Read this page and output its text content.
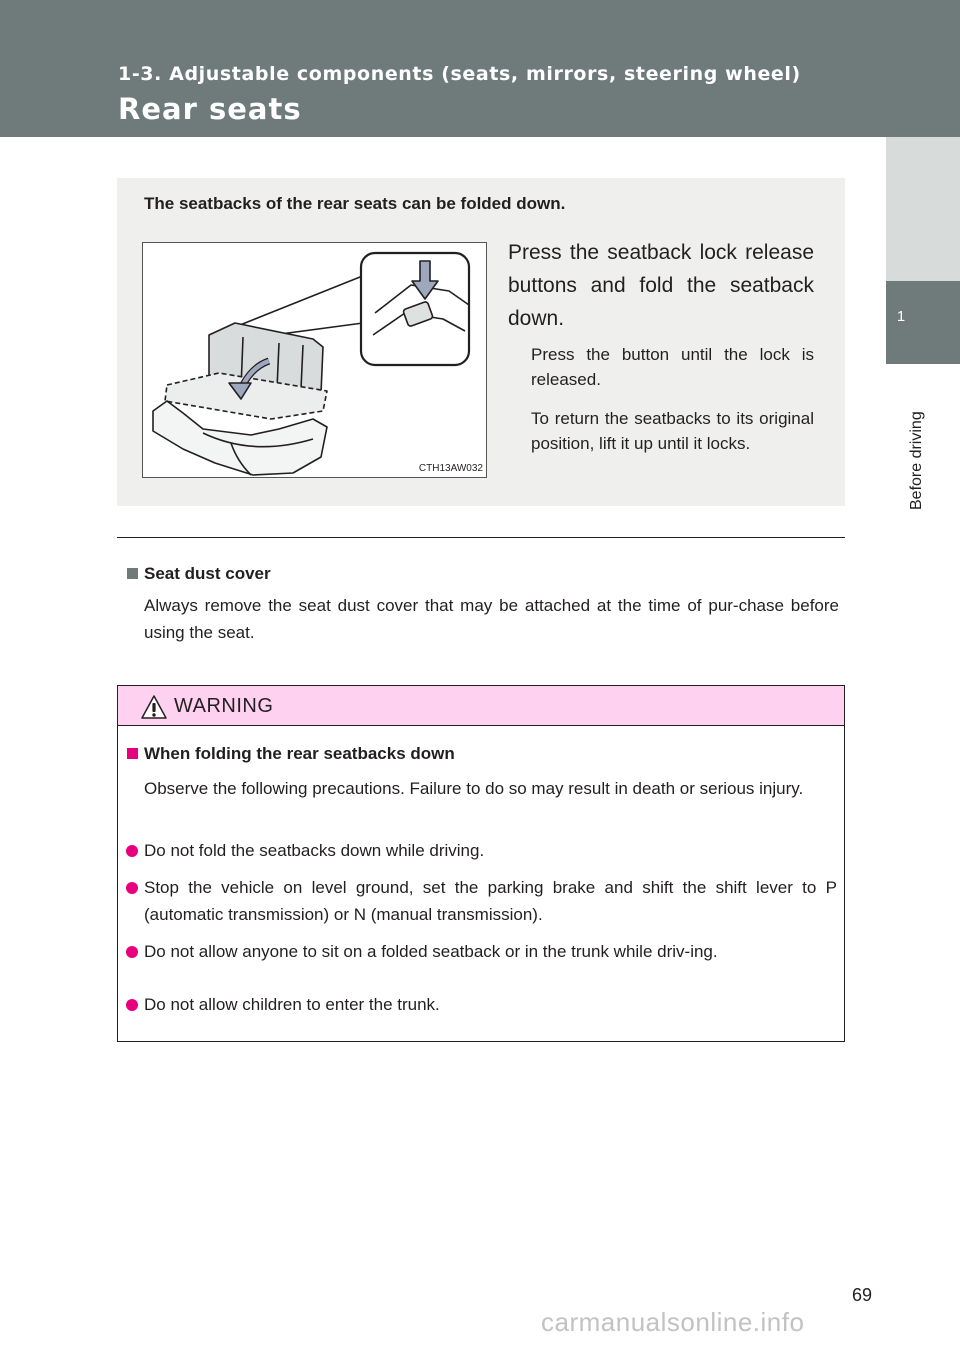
1-3. Adjustable components (seats, mirrors, steering wheel)
Rear seats
1
Before driving
The seatbacks of the rear seats can be folded down.
CTH13AW032
Press the seatback lock release buttons and fold the seatback down.
Press the button until the lock is released.
To return the seatbacks to its original position, lift it up until it locks.
Seat dust cover
Always remove the seat dust cover that may be attached at the time of pur-chase before using the seat.
WARNING
When folding the rear seatbacks down
Observe the following precautions. Failure to do so may result in death or serious injury.
Do not fold the seatbacks down while driving.
Stop the vehicle on level ground, set the parking brake and shift the shift lever to P (automatic transmission) or N (manual transmission).
Do not allow anyone to sit on a folded seatback or in the trunk while driv-ing.
Do not allow children to enter the trunk.
69
carmanualsonline.info
